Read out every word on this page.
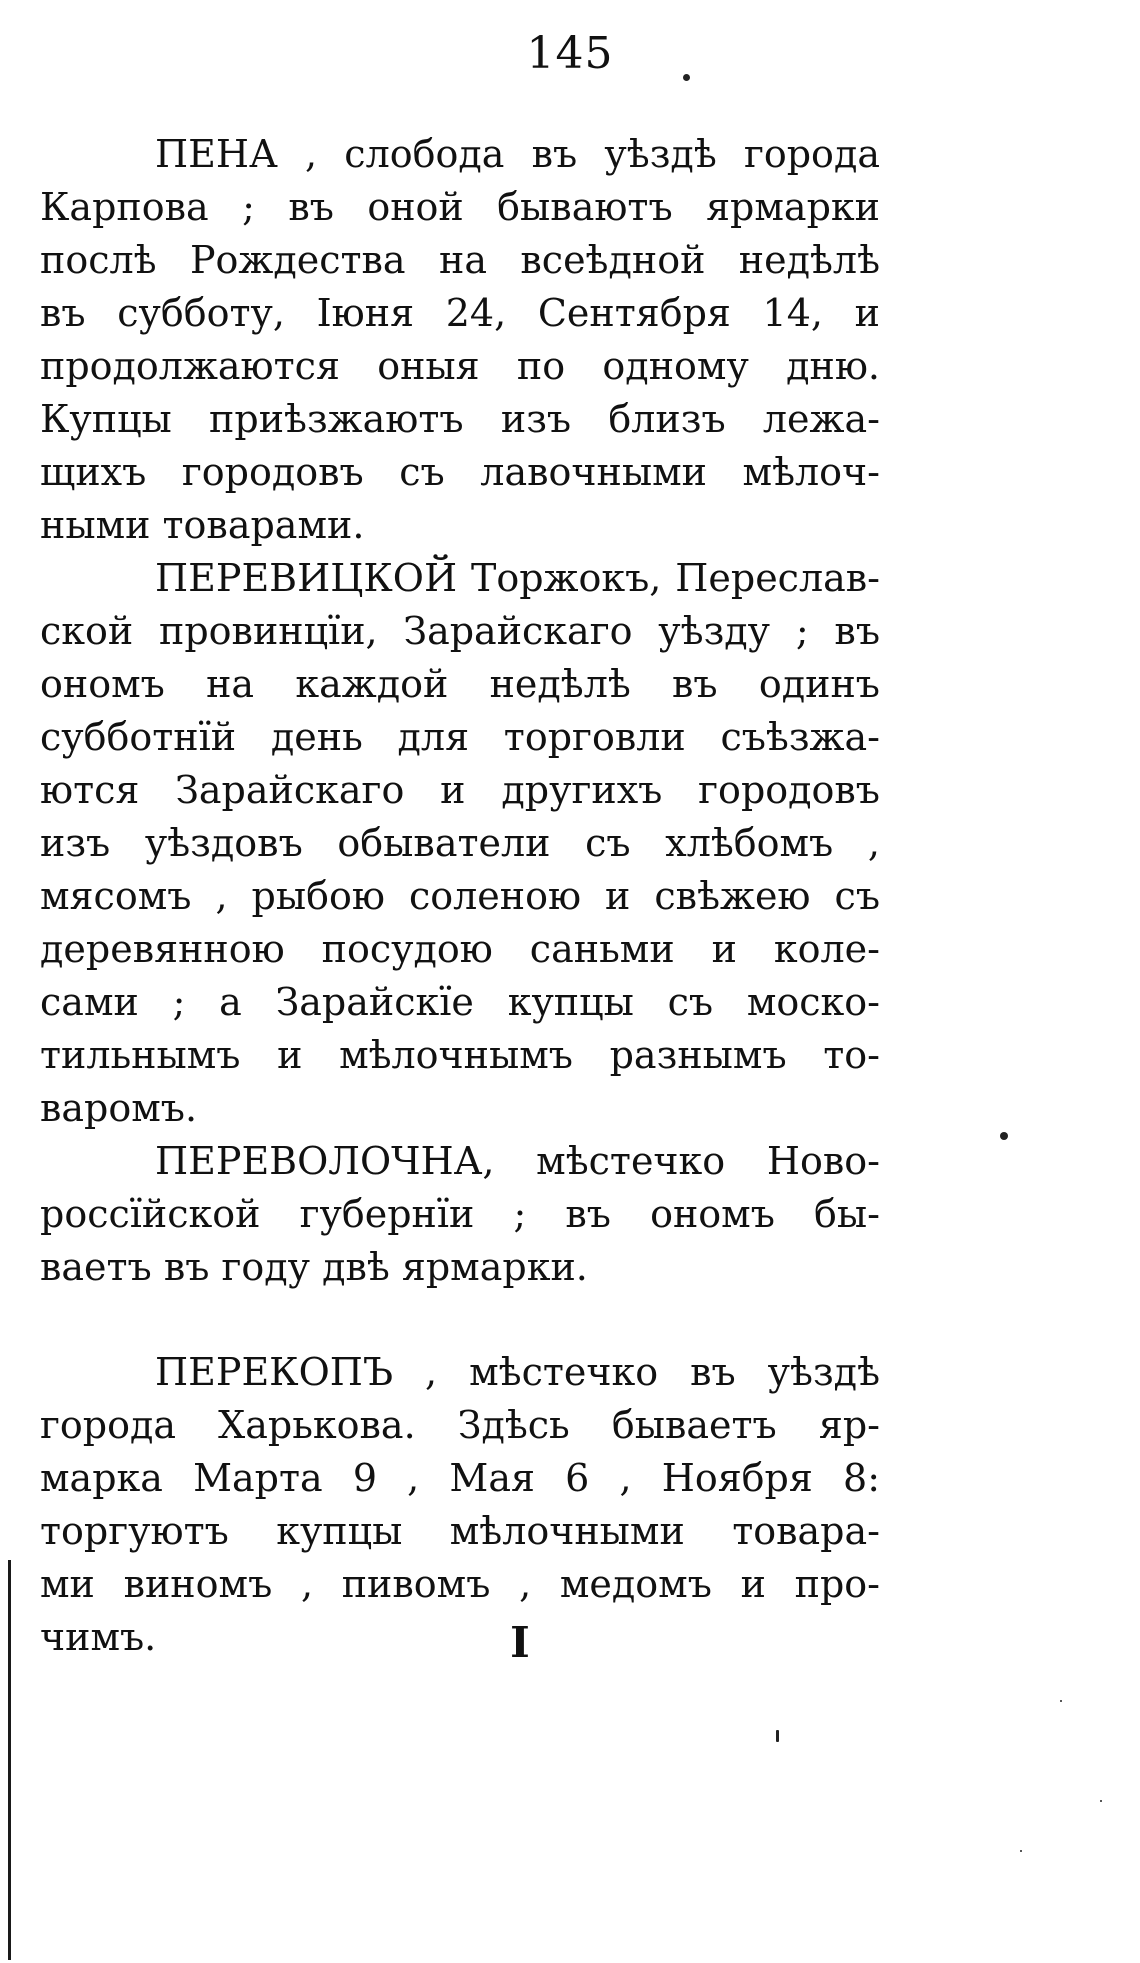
145
ПЕНА , слобода въ уѣздѣ города
Карпова ; въ оной бываютъ ярмарки
послѣ Рождества на всеѣдной недѣлѣ
въ субботу, Iюня 24, Сентября 14, и
продолжаются оныя по одному дню.
Купцы приѣзжаютъ изъ близъ лежа-
щихъ городовъ съ лавочными мѣлоч-
ными товарами.
ПЕРЕВИЦКОЙ Торжокъ, Переслав-
ской провинцїи, Зарайскаго уѣзду ; въ
ономъ на каждой недѣлѣ въ одинъ
субботнїй день для торговли съѣзжа-
ются Зарайскаго и другихъ городовъ
изъ уѣздовъ обыватели съ хлѣбомъ ,
мясомъ , рыбою соленою и свѣжею съ
деревянною посудою саньми и коле-
сами ; а Зарайскїе купцы съ моско-
тильнымъ и мѣлочнымъ разнымъ то-
варомъ.
ПЕРЕВОЛОЧНА, мѣстечко Ново-
россїйской губернїи ; въ ономъ бы-
ваетъ въ году двѣ ярмарки.
ПЕРЕКОПЪ , мѣстечко въ уѣздѣ
города Харькова. Здѣсь бываетъ яр-
марка Марта 9 , Мая 6 , Ноября 8:
торгуютъ купцы мѣлочными товара-
ми виномъ , пивомъ , медомъ и про-
чимъ.	I
